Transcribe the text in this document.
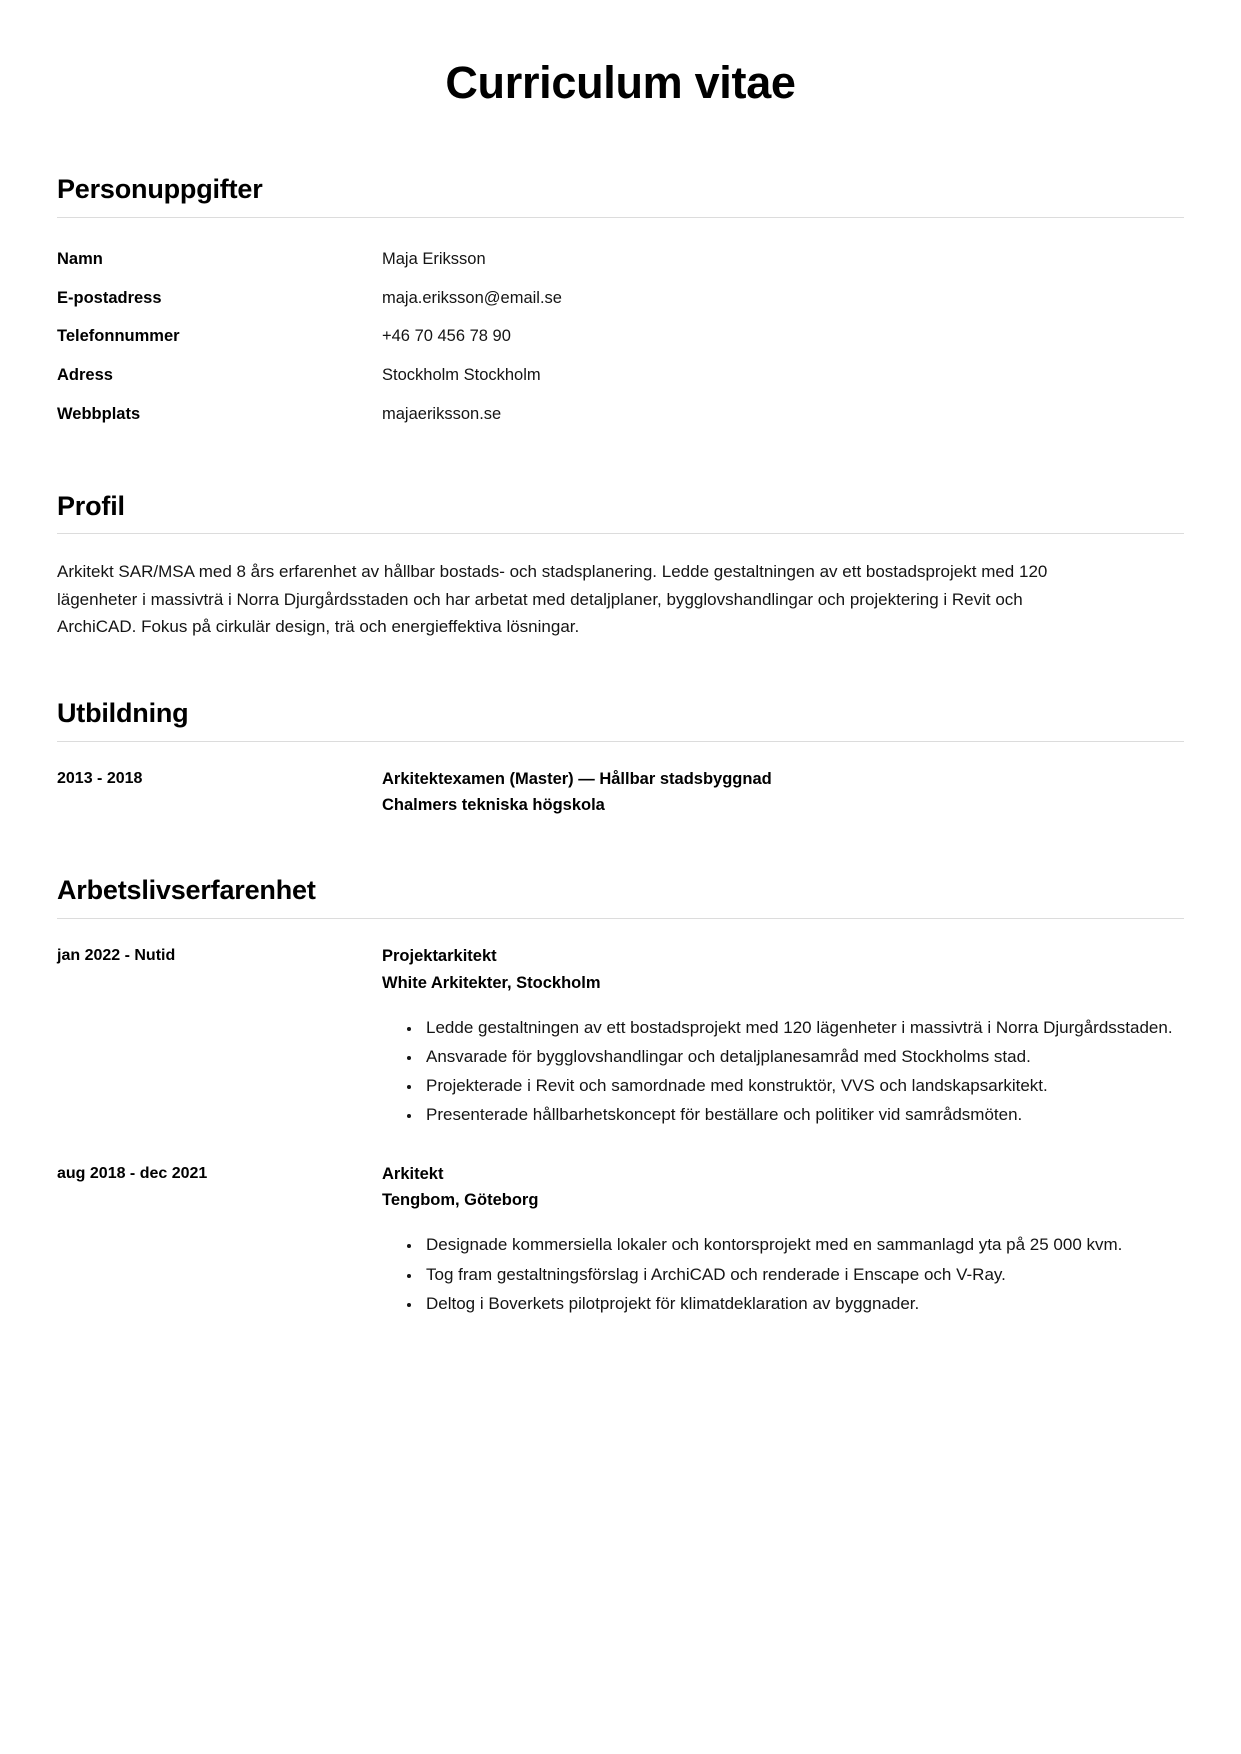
Curriculum vitae
Personuppgifter
Namn	Maja Eriksson
E-postadress	maja.eriksson@email.se
Telefonnummer	+46 70 456 78 90
Adress	Stockholm Stockholm
Webbplats	majaeriksson.se
Profil

Arkitekt SAR/MSA med 8 års erfarenhet av hållbar bostads- och stadsplanering. Ledde gestaltningen av ett bostadsprojekt med 120 lägenheter i massivträ i Norra Djurgårdsstaden och har arbetat med detaljplaner, bygglovshandlingar och projektering i Revit och ArchiCAD. Fokus på cirkulär design, trä och energieffektiva lösningar.

Utbildning
2013 - 2018	Arkitektexamen (Master) — Hållbar stadsbyggnad
Chalmers tekniska högskola
Arbetslivserfarenhet
jan 2022 - Nutid	Projektarkitekt
White Arkitekter, Stockholm
• Ledde gestaltningen av ett bostadsprojekt med 120 lägenheter i massivträ i Norra Djurgårdsstaden.
• Ansvarade för bygglovshandlingar och detaljplanesamråd med Stockholms stad.
• Projekterade i Revit och samordnade med konstruktör, VVS och landskapsarkitekt.
• Presenterade hållbarhetskoncept för beställare och politiker vid samrådsmöten.
aug 2018 - dec 2021	Arkitekt
Tengbom, Göteborg
• Designade kommersiella lokaler och kontorsprojekt med en sammanlagd yta på 25 000 kvm.
• Tog fram gestaltningsförslag i ArchiCAD och renderade i Enscape och V-Ray.
• Deltog i Boverkets pilotprojekt för klimatdeklaration av byggnader.
